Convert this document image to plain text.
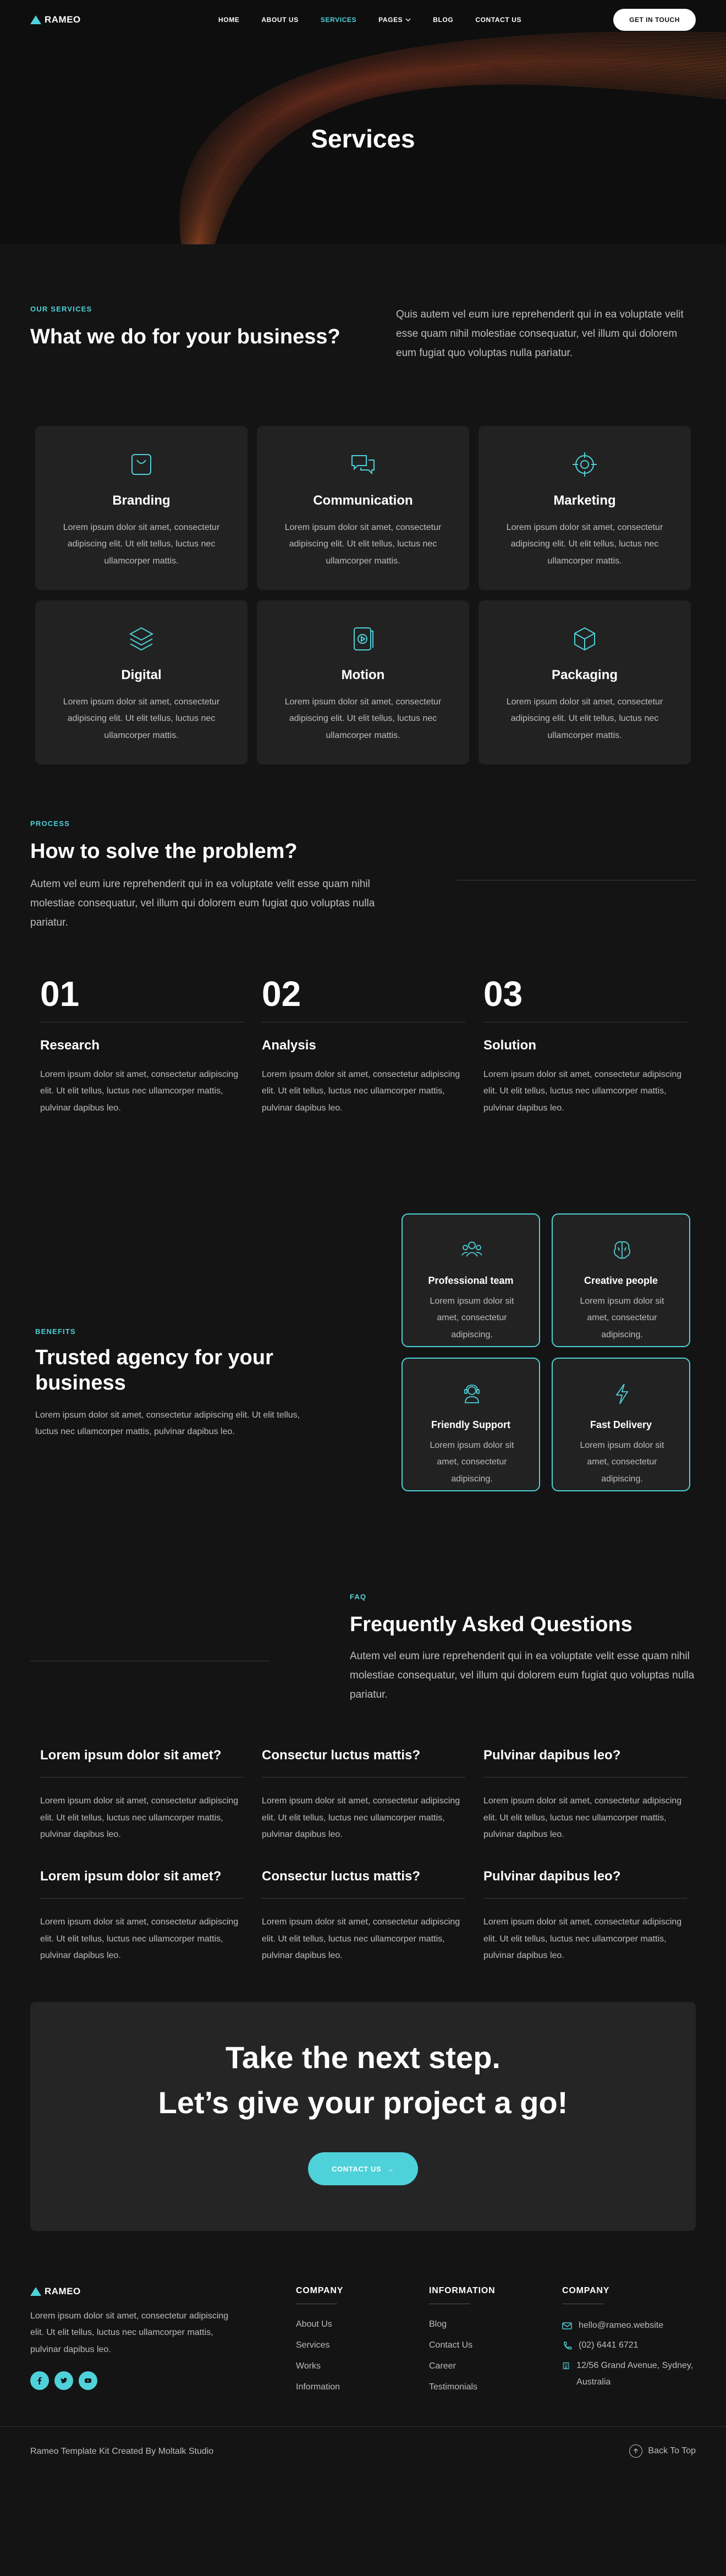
RAMEO	HOME	ABOUT US	SERVICES	PAGES	BLOG	CONTACT US	GET IN TOUCH
Services
OUR SERVICES
What we do for your business?

Quis autem vel eum iure reprehenderit qui in ea voluptate velit esse quam nihil molestiae consequatur, vel illum qui dolorem eum fugiat quo voluptas nulla pariatur.

Branding
Lorem ipsum dolor sit amet, consectetur adipiscing elit. Ut elit tellus, luctus nec ullamcorper mattis.
Communication
Lorem ipsum dolor sit amet, consectetur adipiscing elit. Ut elit tellus, luctus nec ullamcorper mattis.
Marketing
Lorem ipsum dolor sit amet, consectetur adipiscing elit. Ut elit tellus, luctus nec ullamcorper mattis.
Digital
Lorem ipsum dolor sit amet, consectetur adipiscing elit. Ut elit tellus, luctus nec ullamcorper mattis.
Motion
Lorem ipsum dolor sit amet, consectetur adipiscing elit. Ut elit tellus, luctus nec ullamcorper mattis.
Packaging
Lorem ipsum dolor sit amet, consectetur adipiscing elit. Ut elit tellus, luctus nec ullamcorper mattis.
PROCESS
How to solve the problem?

Autem vel eum iure reprehenderit qui in ea voluptate velit esse quam nihil molestiae consequatur, vel illum qui dolorem eum fugiat quo voluptas nulla pariatur.

01
Research
Lorem ipsum dolor sit amet, consectetur adipiscing elit. Ut elit tellus, luctus nec ullamcorper mattis, pulvinar dapibus leo.
02
Analysis
Lorem ipsum dolor sit amet, consectetur adipiscing elit. Ut elit tellus, luctus nec ullamcorper mattis, pulvinar dapibus leo.
03
Solution
Lorem ipsum dolor sit amet, consectetur adipiscing elit. Ut elit tellus, luctus nec ullamcorper mattis, pulvinar dapibus leo.
BENEFITS
Trusted agency for your business

Lorem ipsum dolor sit amet, consectetur adipiscing elit. Ut elit tellus, luctus nec ullamcorper mattis, pulvinar dapibus leo.

Professional team
Lorem ipsum dolor sit amet, consectetur adipiscing.
Creative people
Lorem ipsum dolor sit amet, consectetur adipiscing.
Friendly Support
Lorem ipsum dolor sit amet, consectetur adipiscing.
Fast Delivery
Lorem ipsum dolor sit amet, consectetur adipiscing.
FAQ
Frequently Asked Questions

Autem vel eum iure reprehenderit qui in ea voluptate velit esse quam nihil molestiae consequatur, vel illum qui dolorem eum fugiat quo voluptas nulla pariatur.

Lorem ipsum dolor sit amet?
Lorem ipsum dolor sit amet, consectetur adipiscing elit. Ut elit tellus, luctus nec ullamcorper mattis, pulvinar dapibus leo.
Consectur luctus mattis?
Lorem ipsum dolor sit amet, consectetur adipiscing elit. Ut elit tellus, luctus nec ullamcorper mattis, pulvinar dapibus leo.
Pulvinar dapibus leo?
Lorem ipsum dolor sit amet, consectetur adipiscing elit. Ut elit tellus, luctus nec ullamcorper mattis, pulvinar dapibus leo.
Lorem ipsum dolor sit amet?
Lorem ipsum dolor sit amet, consectetur adipiscing elit. Ut elit tellus, luctus nec ullamcorper mattis, pulvinar dapibus leo.
Consectur luctus mattis?
Lorem ipsum dolor sit amet, consectetur adipiscing elit. Ut elit tellus, luctus nec ullamcorper mattis, pulvinar dapibus leo.
Pulvinar dapibus leo?
Lorem ipsum dolor sit amet, consectetur adipiscing elit. Ut elit tellus, luctus nec ullamcorper mattis, pulvinar dapibus leo.
Take the next step.
Let’s give your project a go!
CONTACT US →
RAMEO

Lorem ipsum dolor sit amet, consectetur adipiscing elit. Ut elit tellus, luctus nec ullamcorper mattis, pulvinar dapibus leo.

COMPANY
About Us
Services
Works
Information
INFORMATION
Blog
Contact Us
Career
Testimonials
COMPANY
hello@rameo.website
(02) 6441 6721
12/56 Grand Avenue, Sydney, Australia
Rameo Template Kit Created By Moltalk Studio	Back To Top
